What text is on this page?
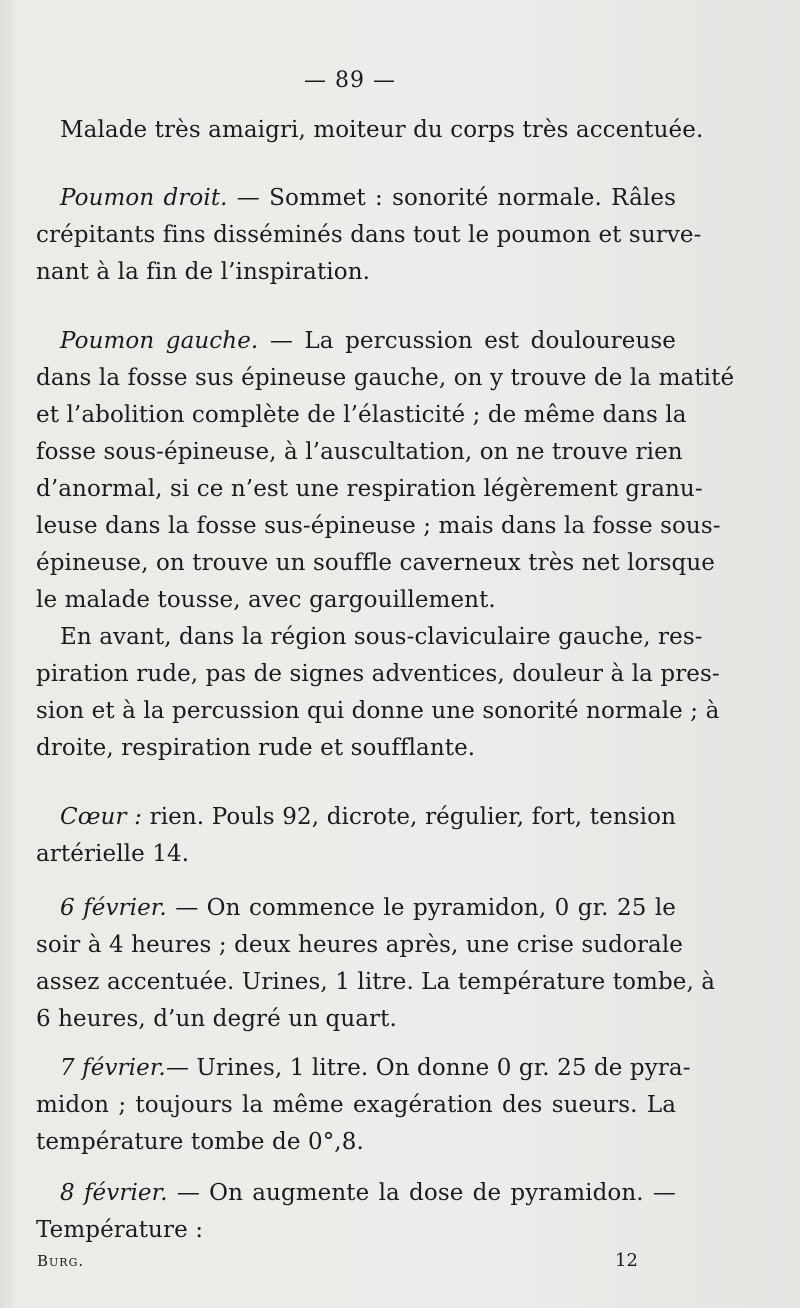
— 89 —
Malade très amaigri, moiteur du corps très accentuée.
Poumon droit. — Sommet : sonorité normale. Râles
crépitants fins disséminés dans tout le poumon et surve-
nant à la fin de l’inspiration.
Poumon gauche. — La percussion est douloureuse
dans la fosse sus épineuse gauche, on y trouve de la matité
et l’abolition complète de l’élasticité ; de même dans la
fosse sous-épineuse, à l’auscultation, on ne trouve rien
d’anormal, si ce n’est une respiration légèrement granu-
leuse dans la fosse sus-épineuse ; mais dans la fosse sous-
épineuse, on trouve un souffle caverneux très net lorsque
le malade tousse, avec gargouillement.
En avant, dans la région sous-claviculaire gauche, res-
piration rude, pas de signes adventices, douleur à la pres-
sion et à la percussion qui donne une sonorité normale ; à
droite, respiration rude et soufflante.
Cœur : rien. Pouls 92, dicrote, régulier, fort, tension
artérielle 14.
6 février. — On commence le pyramidon, 0 gr. 25 le
soir à 4 heures ; deux heures après, une crise sudorale
assez accentuée. Urines, 1 litre. La température tombe, à
6 heures, d’un degré un quart.
7 février.— Urines, 1 litre. On donne 0 gr. 25 de pyra-
midon ; toujours la même exagération des sueurs. La
température tombe de 0°,8.
8 février. — On augmente la dose de pyramidon. —
Température :
Burg.	12
